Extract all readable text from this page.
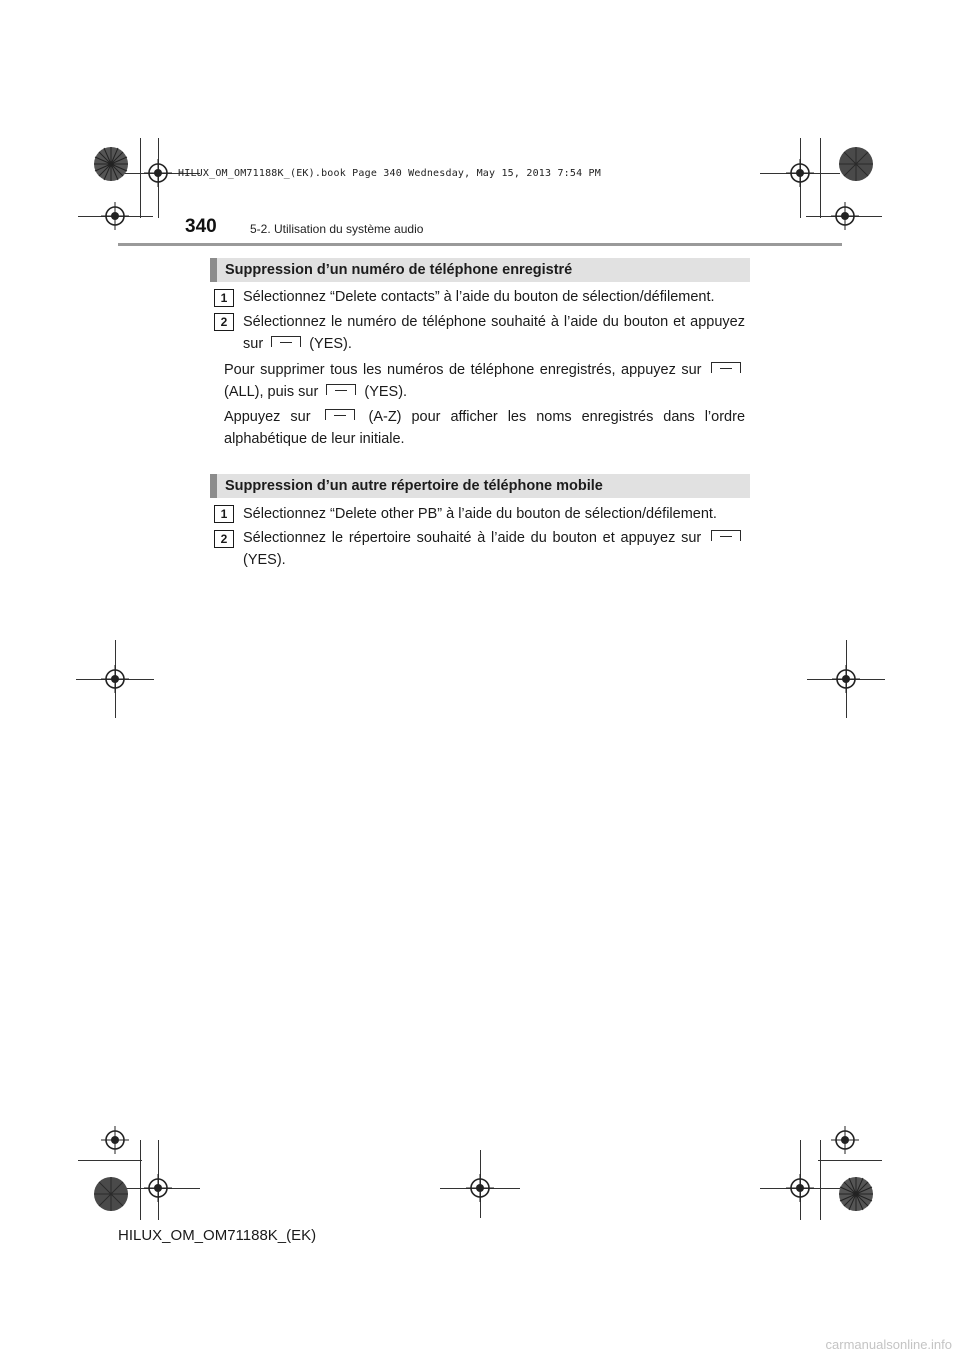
HILUX_OM_OM71188K_(EK).book Page 340 Wednesday, May 15, 2013 7:54 PM
340	5-2. Utilisation du système audio
Suppression d’un numéro de téléphone enregistré
1	Sélectionnez “Delete contacts” à l’aide du bouton de sélection/défilement.
2	Sélectionnez le numéro de téléphone souhaité à l’aide du bouton et appuyez sur	(YES).
Pour supprimer tous les numéros de téléphone enregistrés, appuyez sur  (ALL), puis sur	(YES).
Appuyez sur	(A-Z) pour afficher les noms enregistrés dans l’ordre alphabétique de leur initiale.
Suppression d’un autre répertoire de téléphone mobile
1	Sélectionnez “Delete other PB” à l’aide du bouton de sélection/défilement.
2	Sélectionnez le répertoire souhaité à l’aide du bouton et appuyez sur  (YES).
HILUX_OM_OM71188K_(EK)
carmanualsonline.info
